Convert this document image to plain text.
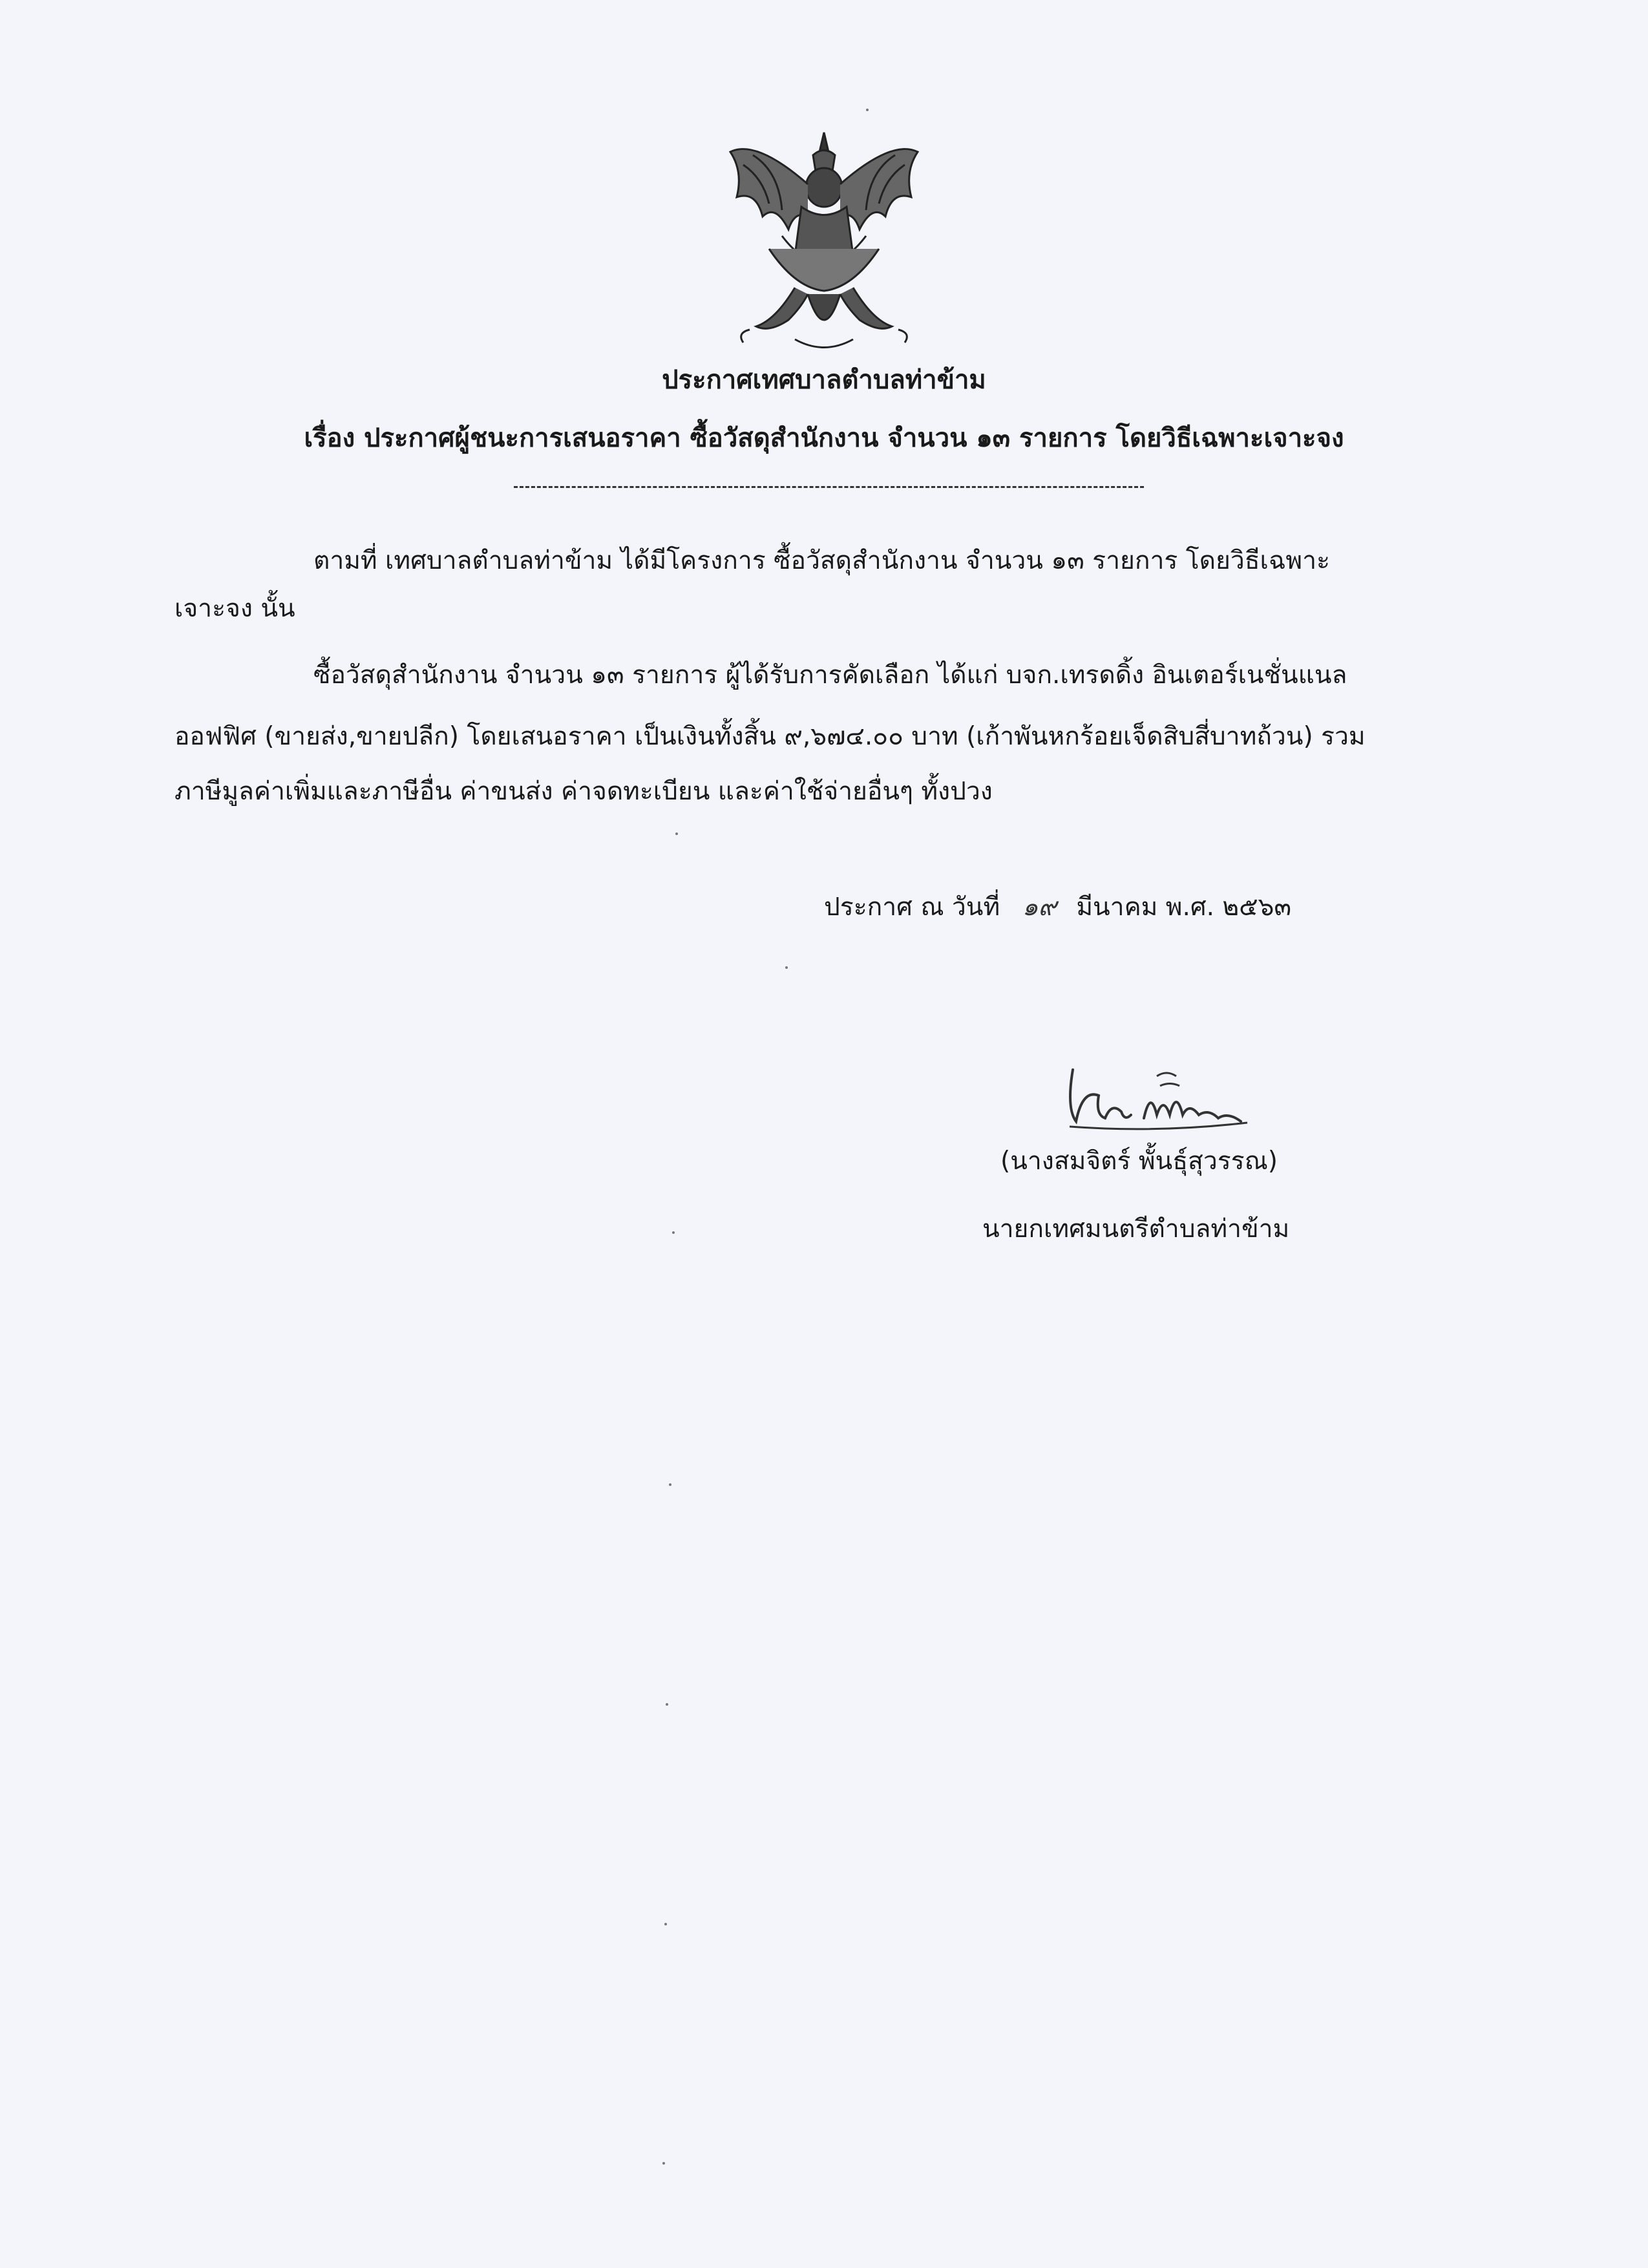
ประกาศเทศบาลตำบลท่าข้าม
เรื่อง ประกาศผู้ชนะการเสนอราคา ซื้อวัสดุสำนักงาน จำนวน ๑๓ รายการ โดยวิธีเฉพาะเจาะจง
ตามที่ เทศบาลตำบลท่าข้าม ได้มีโครงการ ซื้อวัสดุสำนักงาน จำนวน ๑๓ รายการ โดยวิธีเฉพาะ
เจาะจง นั้น
ซื้อวัสดุสำนักงาน จำนวน ๑๓ รายการ ผู้ได้รับการคัดเลือก ได้แก่ บจก.เทรดดิ้ง อินเตอร์เนชั่นแนล
ออฟฟิศ (ขายส่ง,ขายปลีก) โดยเสนอราคา เป็นเงินทั้งสิ้น ๙,๖๗๔.๐๐ บาท (เก้าพันหกร้อยเจ็ดสิบสี่บาทถ้วน) รวม
ภาษีมูลค่าเพิ่มและภาษีอื่น ค่าขนส่ง ค่าจดทะเบียน และค่าใช้จ่ายอื่นๆ ทั้งปวง
ประกาศ ณ วันที่ ๑๙ มีนาคม พ.ศ. ๒๕๖๓
(นางสมจิตร์ พั้นธุ์สุวรรณ)
นายกเทศมนตรีตำบลท่าข้าม
